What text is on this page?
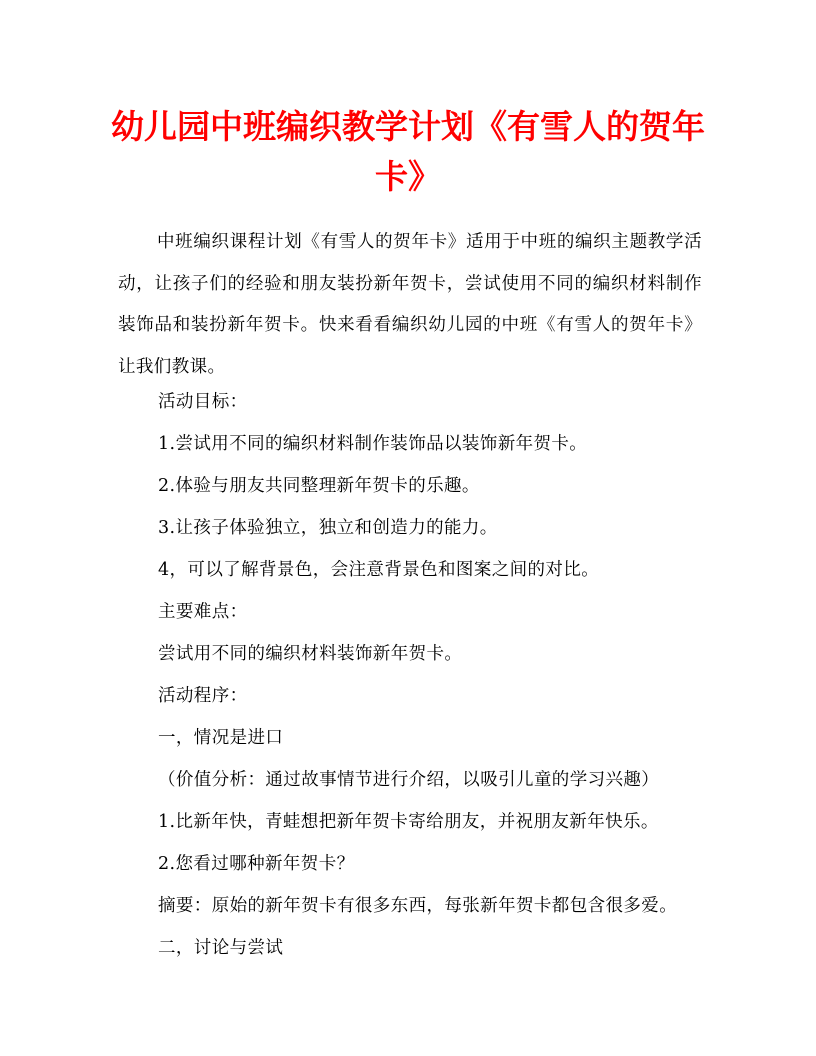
幼儿园中班编织教学计划《有雪人的贺年卡》

中班编织课程计划《有雪人的贺年卡》适用于中班的编织主题教学活动，让孩子们的经验和朋友装扮新年贺卡，尝试使用不同的编织材料制作装饰品和装扮新年贺卡。快来看看编织幼儿园的中班《有雪人的贺年卡》让我们教课。

活动目标：

1.尝试用不同的编织材料制作装饰品以装饰新年贺卡。

2.体验与朋友共同整理新年贺卡的乐趣。

3.让孩子体验独立，独立和创造力的能力。

4，可以了解背景色，会注意背景色和图案之间的对比。

主要难点：

尝试用不同的编织材料装饰新年贺卡。

活动程序：

一，情况是进口

（价值分析：通过故事情节进行介绍，以吸引儿童的学习兴趣）

1.比新年快，青蛙想把新年贺卡寄给朋友，并祝朋友新年快乐。

2.您看过哪种新年贺卡？

摘要：原始的新年贺卡有很多东西，每张新年贺卡都包含很多爱。

二，讨论与尝试
